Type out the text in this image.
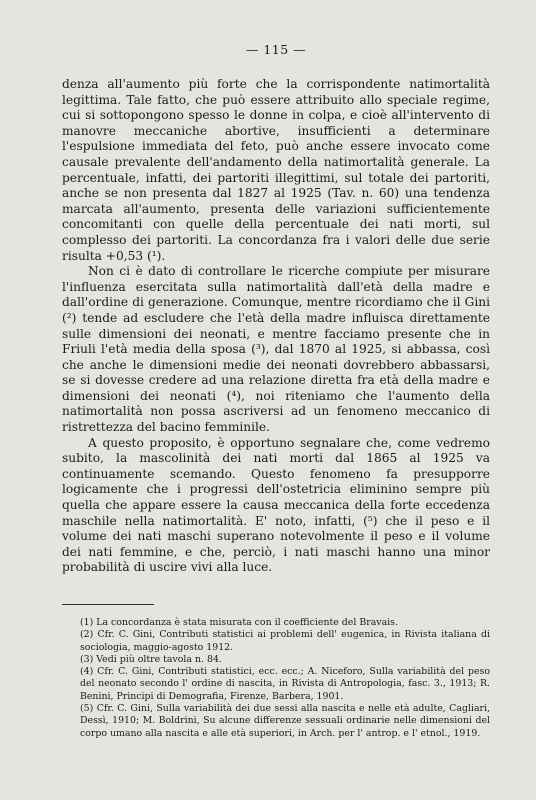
— 115 —

denza all'aumento più forte che la corrispondente natimortalità legittima. Tale fatto, che può essere attribuito allo speciale regime, cui si sottopongono spesso le donne in colpa, e cioè all'intervento di manovre meccaniche abortive, insufficienti a determinare l'espulsione immediata del feto, può anche essere invocato come causale prevalente dell'andamento della natimortalità generale. La percentuale, infatti, dei partoriti illegittimi, sul totale dei partoriti, anche se non presenta dal 1827 al 1925 (Tav. n. 60) una tendenza marcata all'aumento, presenta delle variazioni sufficientemente concomitanti con quelle della percentuale dei nati morti, sul complesso dei partoriti. La concordanza fra i valori delle due serie risulta +0,53 (¹).

Non ci è dato di controllare le ricerche compiute per misurare l'influenza esercitata sulla natimortalità dall'età della madre e dall'ordine di generazione. Comunque, mentre ricordiamo che il Gini (²) tende ad escludere che l'età della madre influisca direttamente sulle dimensioni dei neonati, e mentre facciamo presente che in Friuli l'età media della sposa (³), dal 1870 al 1925, si abbassa, così che anche le dimensioni medie dei neonati dovrebbero abbassarsi, se si dovesse credere ad una relazione diretta fra età della madre e dimensioni dei neonati (⁴), noi riteniamo che l'aumento della natimortalità non possa ascriversi ad un fenomeno meccanico di ristrettezza del bacino femminile.

A questo proposito, è opportuno segnalare che, come vedremo subito, la mascolinità dei nati morti dal 1865 al 1925 va continuamente scemando. Questo fenomeno fa presupporre logicamente che i progressi dell'ostetricia eliminino sempre più quella che appare essere la causa meccanica della forte eccedenza maschile nella natimortalità. E' noto, infatti, (⁵) che il peso e il volume dei nati maschi superano notevolmente il peso e il volume dei nati femmine, e che, perciò, i nati maschi hanno una minor probabilità di uscire vivi alla luce.

(1) La concordanza è stata misurata con il coefficiente del Bravais.

(2) Cfr. C. Gini, Contributi statistici ai problemi dell' eugenica, in Rivista italiana di sociologia, maggio-agosto 1912.

(3) Vedi più oltre tavola n. 84.

(4) Cfr. C. Gini, Contributi statistici, ecc. ecc.; A. Niceforo, Sulla variabilità del peso del neonato secondo l' ordine di nascita, in Rivista di Antropologia, fasc. 3., 1913; R. Benini, Principi di Demografia, Firenze, Barbera, 1901.

(5) Cfr. C. Gini, Sulla variabilità dei due sessi alla nascita e nelle età adulte, Cagliari, Dessì, 1910; M. Boldrini, Su alcune differenze sessuali ordinarie nelle dimensioni del corpo umano alla nascita e alle età superiori, in Arch. per l' antrop. e l' etnol., 1919.
